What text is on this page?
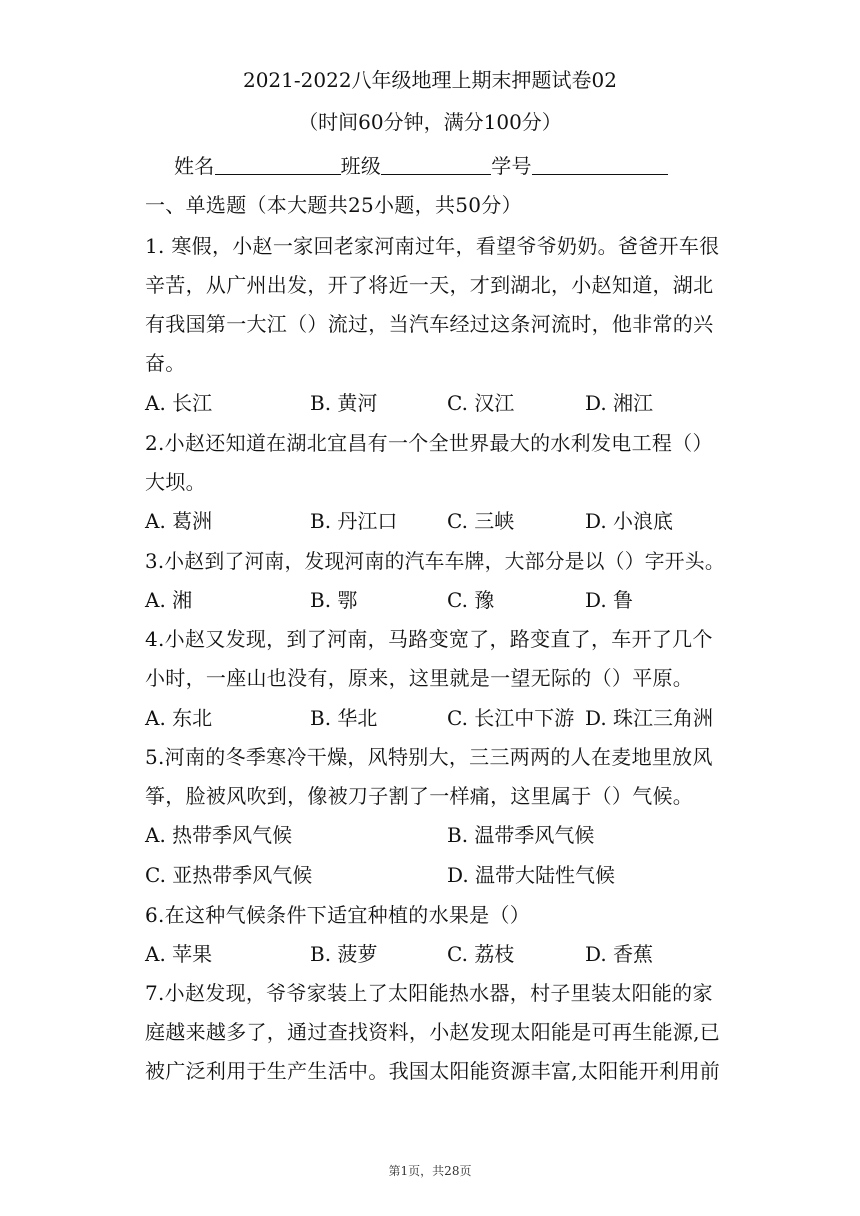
2021-2022八年级地理上期末押题试卷02
（时间60分钟，满分100分）
姓名	班级	学号
一、单选题（本大题共25小题，共50分）
1. 寒假，小赵一家回老家河南过年，看望爷爷奶奶。爸爸开车很
辛苦，从广州出发，开了将近一天，才到湖北，小赵知道，湖北
有我国第一大江（）流过，当汽车经过这条河流时，他非常的兴
奋。
A. 长江	B. 黄河	C. 汉江	D. 湘江
2.小赵还知道在湖北宜昌有一个全世界最大的水利发电工程（）
大坝。
A. 葛洲	B. 丹江口 C. 三峡	D. 小浪底
3.小赵到了河南，发现河南的汽车车牌，大部分是以（）字开头。
A. 湘	B. 鄂	C. 豫	D. 鲁
4.小赵又发现，到了河南，马路变宽了，路变直了，车开了几个
小时，一座山也没有，原来，这里就是一望无际的（）平原。
A. 东北	B. 华北	C. 长江中下游 D. 珠江三角洲
5.河南的冬季寒冷干燥，风特别大，三三两两的人在麦地里放风
筝，脸被风吹到，像被刀子割了一样痛，这里属于（）气候。
A. 热带季风气候	B. 温带季风气候
C. 亚热带季风气候	D. 温带大陆性气候
6.在这种气候条件下适宜种植的水果是（）
A. 苹果	B. 菠萝	C. 荔枝	D. 香蕉
7.小赵发现，爷爷家装上了太阳能热水器，村子里装太阳能的家
庭越来越多了，通过查找资料，小赵发现太阳能是可再生能源,已
被广泛利用于生产生活中。我国太阳能资源丰富,太阳能开利用前
第1页，共28页
